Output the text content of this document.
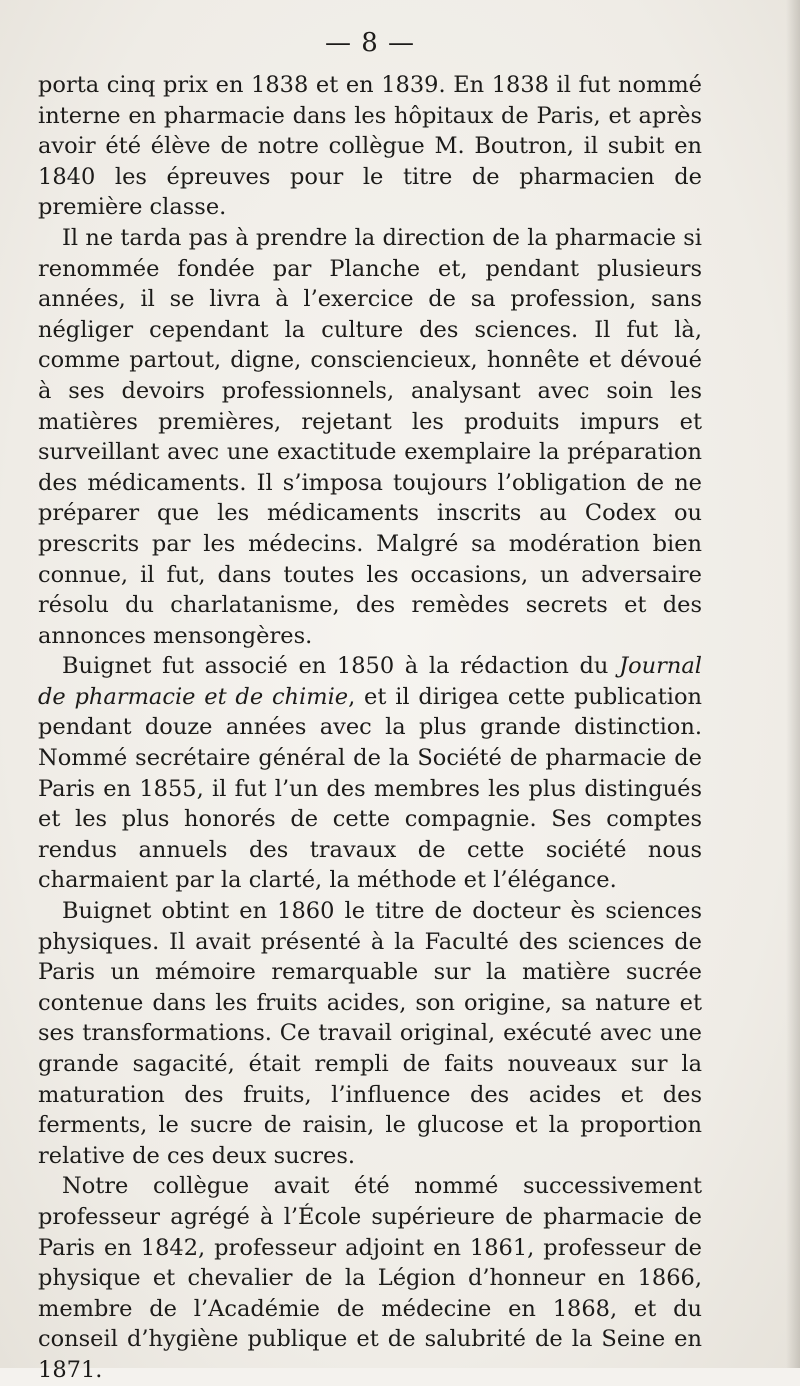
— 8 —

porta cinq prix en 1838 et en 1839. En 1838 il fut nommé interne en pharmacie dans les hôpitaux de Paris, et après avoir été élève de notre collègue M. Boutron, il subit en 1840 les épreuves pour le titre de pharmacien de première classe.

Il ne tarda pas à prendre la direction de la pharmacie si renommée fondée par Planche et, pendant plusieurs années, il se livra à l’exercice de sa profession, sans négliger cependant la culture des sciences. Il fut là, comme partout, digne, consciencieux, honnête et dévoué à ses devoirs professionnels, analysant avec soin les matières premières, rejetant les produits impurs et surveillant avec une exactitude exemplaire la préparation des médicaments. Il s’imposa toujours l’obligation de ne préparer que les médicaments inscrits au Codex ou prescrits par les médecins. Malgré sa modération bien connue, il fut, dans toutes les occasions, un adversaire résolu du charlatanisme, des remèdes secrets et des annonces mensongères.

Buignet fut associé en 1850 à la rédaction du Journal de pharmacie et de chimie, et il dirigea cette publication pendant douze années avec la plus grande distinction. Nommé secrétaire général de la Société de pharmacie de Paris en 1855, il fut l’un des membres les plus distingués et les plus honorés de cette compagnie. Ses comptes rendus annuels des travaux de cette société nous charmaient par la clarté, la méthode et l’élégance.

Buignet obtint en 1860 le titre de docteur ès sciences physiques. Il avait présenté à la Faculté des sciences de Paris un mémoire remarquable sur la matière sucrée contenue dans les fruits acides, son origine, sa nature et ses transformations. Ce travail original, exécuté avec une grande sagacité, était rempli de faits nouveaux sur la maturation des fruits, l’influence des acides et des ferments, le sucre de raisin, le glucose et la proportion relative de ces deux sucres.

Notre collègue avait été nommé successivement professeur agrégé à l’École supérieure de pharmacie de Paris en 1842, professeur adjoint en 1861, professeur de physique et chevalier de la Légion d’honneur en 1866, membre de l’Académie de médecine en 1868, et du conseil d’hygiène publique et de salubrité de la Seine en 1871.
